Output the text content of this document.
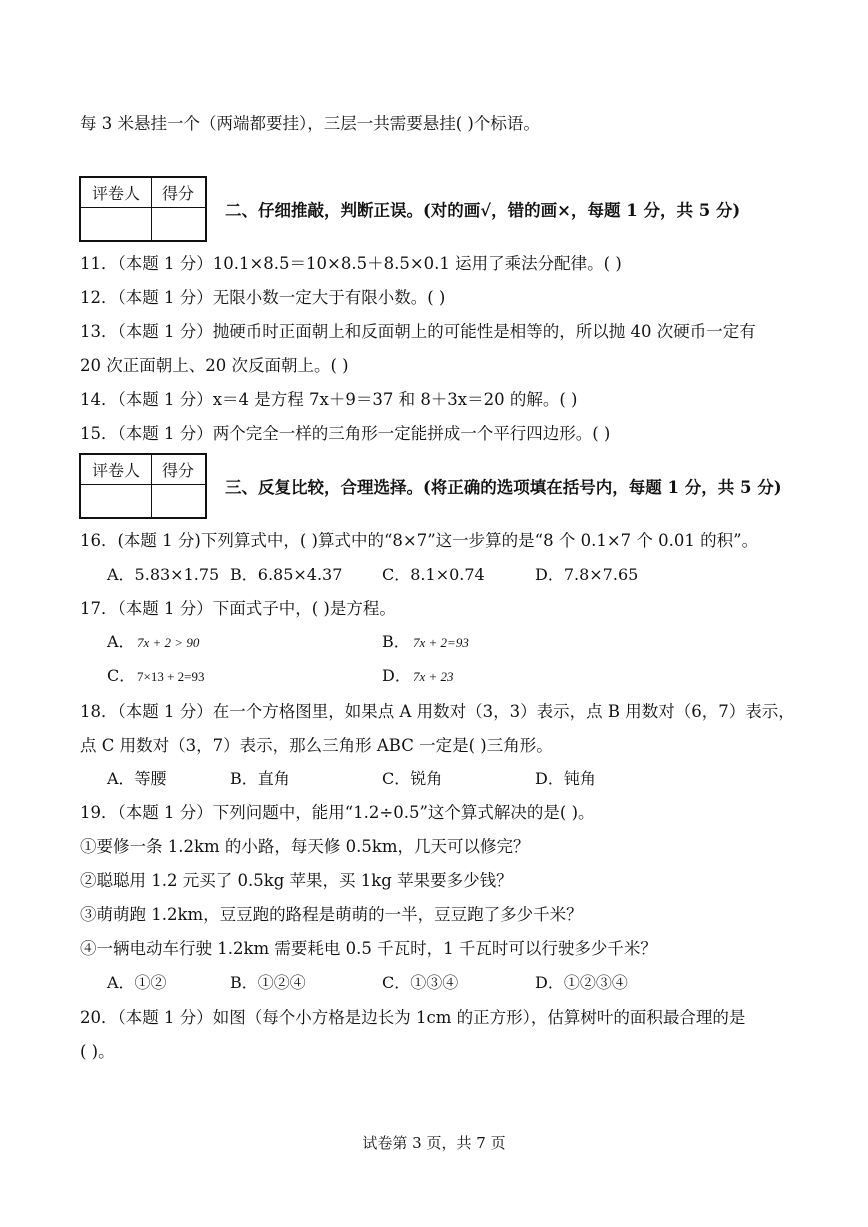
每 3 米悬挂一个（两端都要挂），三层一共需要悬挂( )个标语。
评卷人	得分
二、仔细推敲，判断正误。(对的画√，错的画×，每题 1 分，共 5 分)
11．（本题 1 分）10.1×8.5＝10×8.5＋8.5×0.1 运用了乘法分配律。( )
12．（本题 1 分）无限小数一定大于有限小数。( )
13．（本题 1 分）抛硬币时正面朝上和反面朝上的可能性是相等的，所以抛 40 次硬币一定有
20 次正面朝上、20 次反面朝上。( )
14．（本题 1 分）x＝4 是方程 7x＋9＝37 和 8＋3x＝20 的解。( )
15．（本题 1 分）两个完全一样的三角形一定能拼成一个平行四边形。( )
评卷人	得分
三、反复比较，合理选择。(将正确的选项填在括号内，每题 1 分，共 5 分)
16．(本题 1 分)下列算式中，( )算式中的“8×7”这一步算的是“8 个 0.1×7 个 0.01 的积”。
A．5.83×1.75 B．6.85×4.37 C．8.1×0.74	D．7.8×7.65
17．（本题 1 分）下面式子中，( )是方程。
A． 7x + 2 > 90	B． 7x + 2=93
C． 7×13 + 2=93	D． 7x + 23
18．（本题 1 分）在一个方格图里，如果点 A 用数对（3，3）表示，点 B 用数对（6，7）表示，
点 C 用数对（3，7）表示，那么三角形 ABC 一定是( )三角形。
A．等腰	B．直角	C．锐角	D．钝角
19．（本题 1 分）下列问题中，能用“1.2÷0.5”这个算式解决的是( )。
①要修一条 1.2km 的小路，每天修 0.5km，几天可以修完？
②聪聪用 1.2 元买了 0.5kg 苹果，买 1kg 苹果要多少钱？
③萌萌跑 1.2km，豆豆跑的路程是萌萌的一半，豆豆跑了多少千米？
④一辆电动车行驶 1.2km 需要耗电 0.5 千瓦时，1 千瓦时可以行驶多少千米？
A．①②	B．①②④	C．①③④	D．①②③④
20．（本题 1 分）如图（每个小方格是边长为 1cm 的正方形），估算树叶的面积最合理的是
( )。
试卷第 3 页，共 7 页
